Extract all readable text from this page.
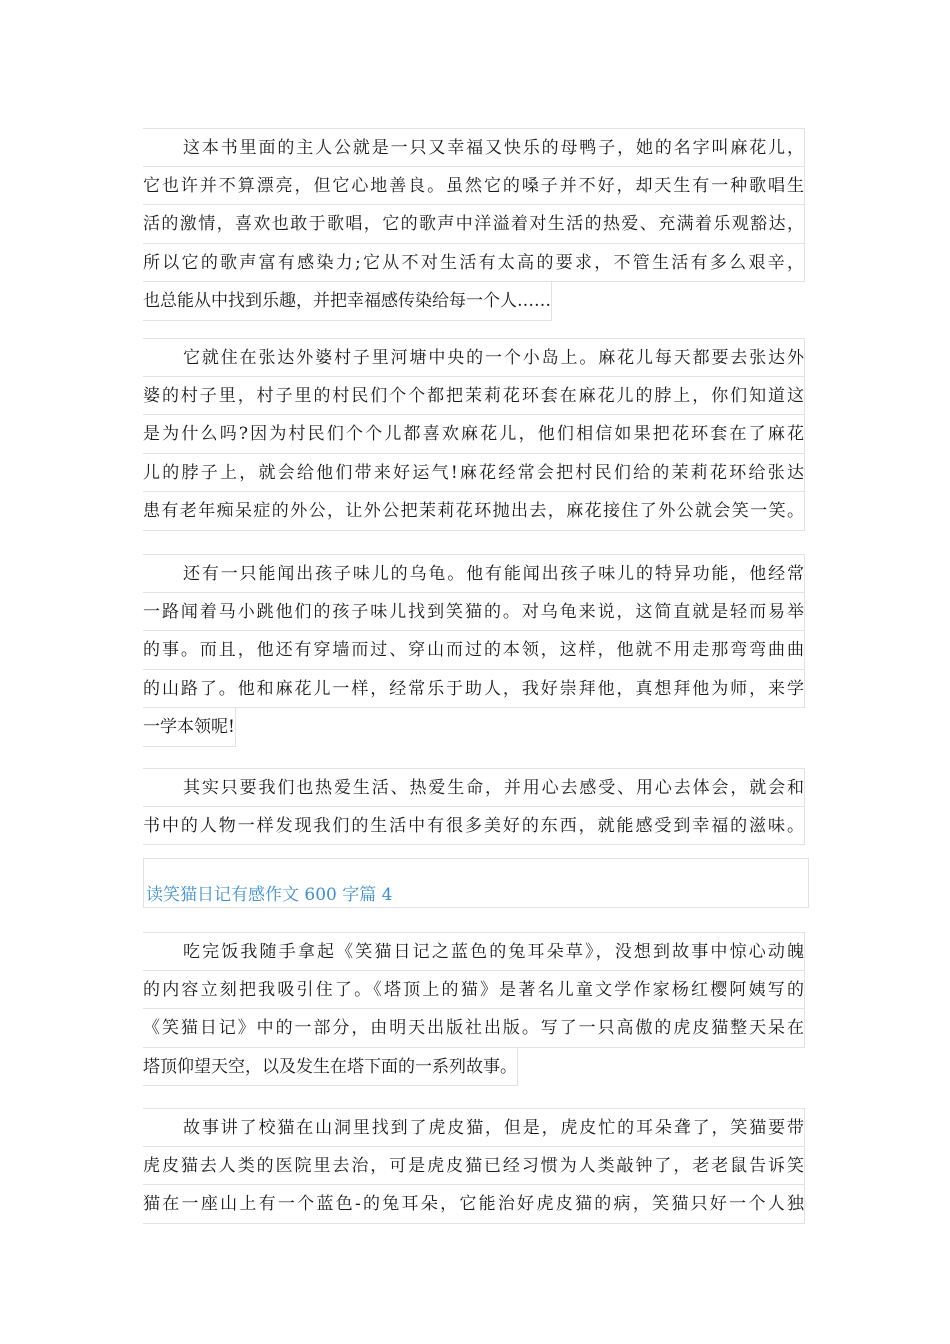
这本书里面的主人公就是一只又幸福又快乐的母鸭子，她的名字叫麻花儿，
它也许并不算漂亮，但它心地善良。虽然它的嗓子并不好，却天生有一种歌唱生
活的激情，喜欢也敢于歌唱，它的歌声中洋溢着对生活的热爱、充满着乐观豁达，
所以它的歌声富有感染力;它从不对生活有太高的要求，不管生活有多么艰辛，
也总能从中找到乐趣，并把幸福感传染给每一个人……
它就住在张达外婆村子里河塘中央的一个小岛上。麻花儿每天都要去张达外
婆的村子里，村子里的村民们个个都把茉莉花环套在麻花儿的脖上，你们知道这
是为什么吗?因为村民们个个儿都喜欢麻花儿，他们相信如果把花环套在了麻花
儿的脖子上，就会给他们带来好运气!麻花经常会把村民们给的茉莉花环给张达
患有老年痴呆症的外公，让外公把茉莉花环抛出去，麻花接住了外公就会笑一笑。
还有一只能闻出孩子味儿的乌龟。他有能闻出孩子味儿的特异功能，他经常
一路闻着马小跳他们的孩子味儿找到笑猫的。对乌龟来说，这简直就是轻而易举
的事。而且，他还有穿墙而过、穿山而过的本领，这样，他就不用走那弯弯曲曲
的山路了。他和麻花儿一样，经常乐于助人，我好崇拜他，真想拜他为师，来学
一学本领呢!
其实只要我们也热爱生活、热爱生命，并用心去感受、用心去体会，就会和
书中的人物一样发现我们的生活中有很多美好的东西，就能感受到幸福的滋味。
读笑猫日记有感作文 600 字篇 4
吃完饭我随手拿起《笑猫日记之蓝色的兔耳朵草》，没想到故事中惊心动魄
的内容立刻把我吸引住了。《塔顶上的猫》是著名儿童文学作家杨红樱阿姨写的
《笑猫日记》中的一部分，由明天出版社出版。写了一只高傲的虎皮猫整天呆在
塔顶仰望天空，以及发生在塔下面的一系列故事。
故事讲了校猫在山洞里找到了虎皮猫，但是，虎皮忙的耳朵聋了，笑猫要带
虎皮猫去人类的医院里去治，可是虎皮猫已经习惯为人类敲钟了，老老鼠告诉笑
猫在一座山上有一个蓝色-的兔耳朵，它能治好虎皮猫的病，笑猫只好一个人独
